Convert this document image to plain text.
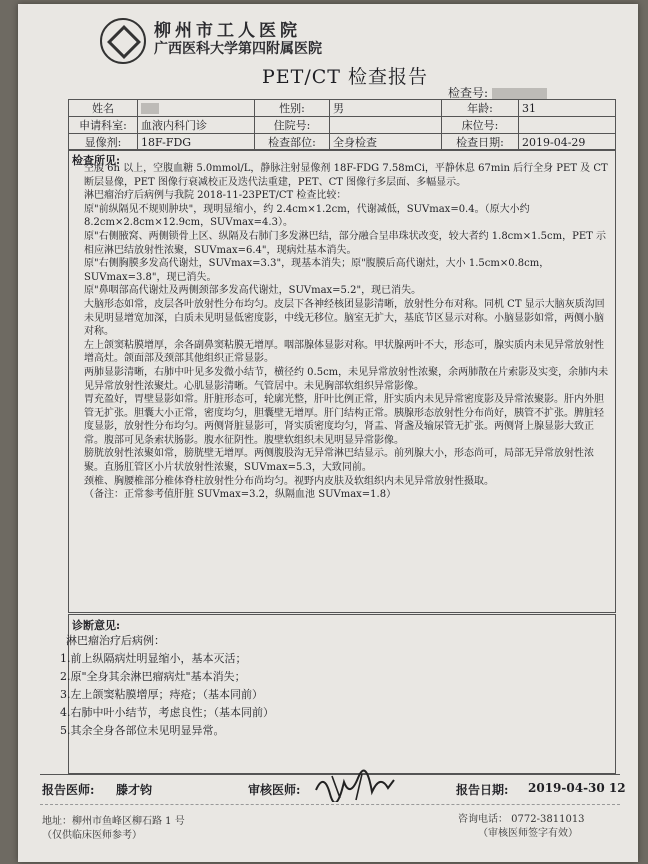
柳州市工人医院
广西医科大学第四附属医院
PET/CT 检查报告
检查号:
姓名		性别:	男	年龄:	31
申请科室:	血液内科门诊	住院号:		床位号:	
显像剂:	18F-FDG	检查部位:	全身检查	检查日期:	2019-04-29
检查所见:

空腹 6h 以上，空腹血糖 5.0mmol/L，静脉注射显像剂 18F-FDG 7.58mCi，平静休息 67min 后行全身 PET 及 CT 断层显像，PET 图像行衰减校正及迭代法重建，PET、CT 图像行多层面、多幅显示。

淋巴瘤治疗后病例与我院 2018-11-23PET/CT 检查比较：

原"前纵隔见不规则肿块"，现明显缩小，约 2.4cm×1.2cm，代谢减低，SUVmax=0.4。（原大小约 8.2cm×2.8cm×12.9cm，SUVmax=4.3）。

原"右侧腋窝、两侧锁骨上区、纵隔及右肺门多发淋巴结，部分融合呈串珠状改变，较大者约 1.8cm×1.5cm，PET 示相应淋巴结放射性浓聚，SUVmax=6.4"，现病灶基本消失。

原"右侧胸膜多发高代谢灶，SUVmax=3.3"，现基本消失；原"腹膜后高代谢灶，大小 1.5cm×0.8cm，SUVmax=3.8"，现已消失。

原"鼻咽部高代谢灶及两侧颈部多发高代谢灶，SUVmax=5.2"，现已消失。

大脑形态如常，皮层各叶放射性分布均匀。皮层下各神经核团显影清晰，放射性分布对称。同机 CT 显示大脑灰质沟回未见明显增宽加深，白质未见明显低密度影，中线无移位。脑室无扩大，基底节区显示对称。小脑显影如常，两侧小脑对称。

左上颌窦粘膜增厚，余各副鼻窦粘膜无增厚。咽部腺体显影对称。甲状腺两叶不大，形态可，腺实质内未见异常放射性增高灶。颌面部及颈部其他组织正常显影。

两肺显影清晰，右肺中叶见多发微小结节，横径约 0.5cm，未见异常放射性浓聚，余两肺散在片索影及实变，余肺内未见异常放射性浓聚灶。心肌显影清晰。气管居中。未见胸部软组织异常影像。

胃充盈好，胃壁显影如常。肝脏形态可，轮廓光整，肝叶比例正常，肝实质内未见异常密度影及异常浓聚影。肝内外胆管无扩张。胆囊大小正常，密度均匀，胆囊壁无增厚。肝门结构正常。胰腺形态放射性分布尚好，胰管不扩张。脾脏轻度显影，放射性分布均匀。两侧肾脏显影可，肾实质密度均匀，肾盂、肾盏及输尿管无扩张。两侧肾上腺显影大致正常。腹部可见条索状肠影。腹水征阴性。腹壁软组织未见明显异常影像。

膀胱放射性浓聚如常，膀胱壁无增厚。两侧腹股沟无异常淋巴结显示。前列腺大小，形态尚可，局部无异常放射性浓聚。直肠肛管区小片状放射性浓聚，SUVmax=5.3，大致同前。

颈椎、胸腰椎部分椎体脊柱放射性分布尚均匀。视野内皮肤及软组织内未见异常放射性摄取。

（备注：正常参考值肝脏 SUVmax=3.2，纵隔血池 SUVmax=1.8）

诊断意见:

淋巴瘤治疗后病例：

1.前上纵隔病灶明显缩小，基本灭活；

2.原"全身其余淋巴瘤病灶"基本消失；

3.左上颌窦粘膜增厚；痔疮；（基本同前）

4.右肺中叶小结节，考虑良性；（基本同前）

5.其余全身各部位未见明显异常。

报告医师: 滕才钧	审核医师:	报告日期: 2019-04-30 12
地址：柳州市鱼峰区柳石路 1 号
（仅供临床医师参考）
咨询电话： 0772-3811013
（审核医师签字有效）
